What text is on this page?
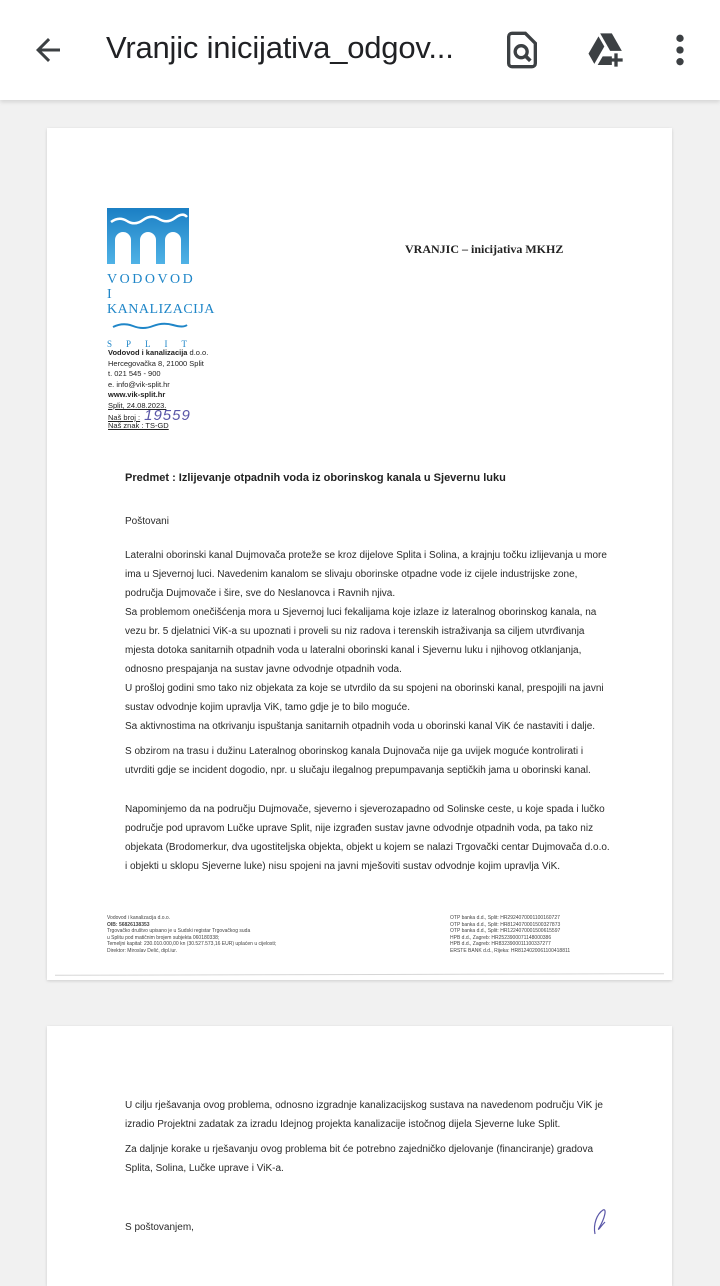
Vranjic inicijativa_odgov...
VODOVOD I
KANALIZACIJA
SPLIT
VRANJIC – inicijativa MKHZ
Vodovod i kanalizacija d.o.o.
Hercegovačka 8, 21000 Split
t. 021 545 - 900
e. info@vik-split.hr
www.vik-split.hr
Split, 24.08.2023.
Naš broj : 19559
Naš znak : TS-GD
Predmet : Izlijevanje otpadnih voda iz oborinskog kanala u Sjevernu luku
Poštovani
Lateralni oborinski kanal Dujmovača proteže se kroz dijelove Splita i Solina, a krajnju točku izlijevanja u more
ima u Sjevernoj luci. Navedenim kanalom se slivaju oborinske otpadne vode iz cijele industrijske zone,
područja Dujmovače i šire, sve do Neslanovca i Ravnih njiva.
Sa problemom onečišćenja mora u Sjevernoj luci fekalijama koje izlaze iz lateralnog oborinskog kanala, na
vezu br. 5 djelatnici ViK-a su upoznati i proveli su niz radova i terenskih istraživanja sa ciljem utvrđivanja
mjesta dotoka sanitarnih otpadnih voda u lateralni oborinski kanal i Sjevernu luku i njihovog otklanjanja,
odnosno prespajanja na sustav javne odvodnje otpadnih voda.
U prošloj godini smo tako niz objekata za koje se utvrdilo da su spojeni na oborinski kanal, prespojili na javni
sustav odvodnje kojim upravlja ViK, tamo gdje je to bilo moguće.
Sa aktivnostima na otkrivanju ispuštanja sanitarnih otpadnih voda u oborinski kanal ViK će nastaviti i dalje.
S obzirom na trasu i dužinu Lateralnog oborinskog kanala Dujnovača nije ga uvijek moguće kontrolirati i
utvrditi gdje se incident dogodio, npr. u slučaju ilegalnog prepumpavanja septičkih jama u oborinski kanal.
Napominjemo da na području Dujmovače, sjeverno i sjeverozapadno od Solinske ceste, u koje spada i lučko
područje pod upravom Lučke uprave Split, nije izgrađen sustav javne odvodnje otpadnih voda, pa tako niz
objekata (Brodomerkur, dva ugostiteljska objekta, objekt u kojem se nalazi Trgovački centar Dujmovača d.o.o.
i objekti u sklopu Sjeverne luke) nisu spojeni na javni mješoviti sustav odvodnje kojim upravlja ViK.
Vodovod i kanalizacija d.o.o.
OIB: 56826138353
Trgovačko društvo upisano je u Sudski registar Trgovačkog suda
u Splitu pod matičnim brojem subjekta 060180338;
Temeljni kapital: 230.010.000,00 kn (30.527.573,16 EUR) uplaćen u cijelosti;
Direktor: Miroslav Delić, dipl.iur.
OTP banka d.d., Split: HR2924070001100160727
OTP banka d.d., Split: HR8124070001500327873
OTP banka d.d., Split: HR1224070001500615597
HPB d.d., Zagreb: HR2523900071148000386
HPB d.d., Zagreb: HR8323900011100337277
ERSTE BANK d.d., Rijeka: HR8124020061100418811
U cilju rješavanja ovog problema, odnosno izgradnje kanalizacijskog sustava na navedenom području ViK je
izradio Projektni zadatak za izradu Idejnog projekta kanalizacije istočnog dijela Sjeverne luke Split.
Za daljnje korake u rješavanju ovog problema bit će potrebno zajedničko djelovanje (financiranje) gradova
Splita, Solina, Lučke uprave i ViK-a.
S poštovanjem,
